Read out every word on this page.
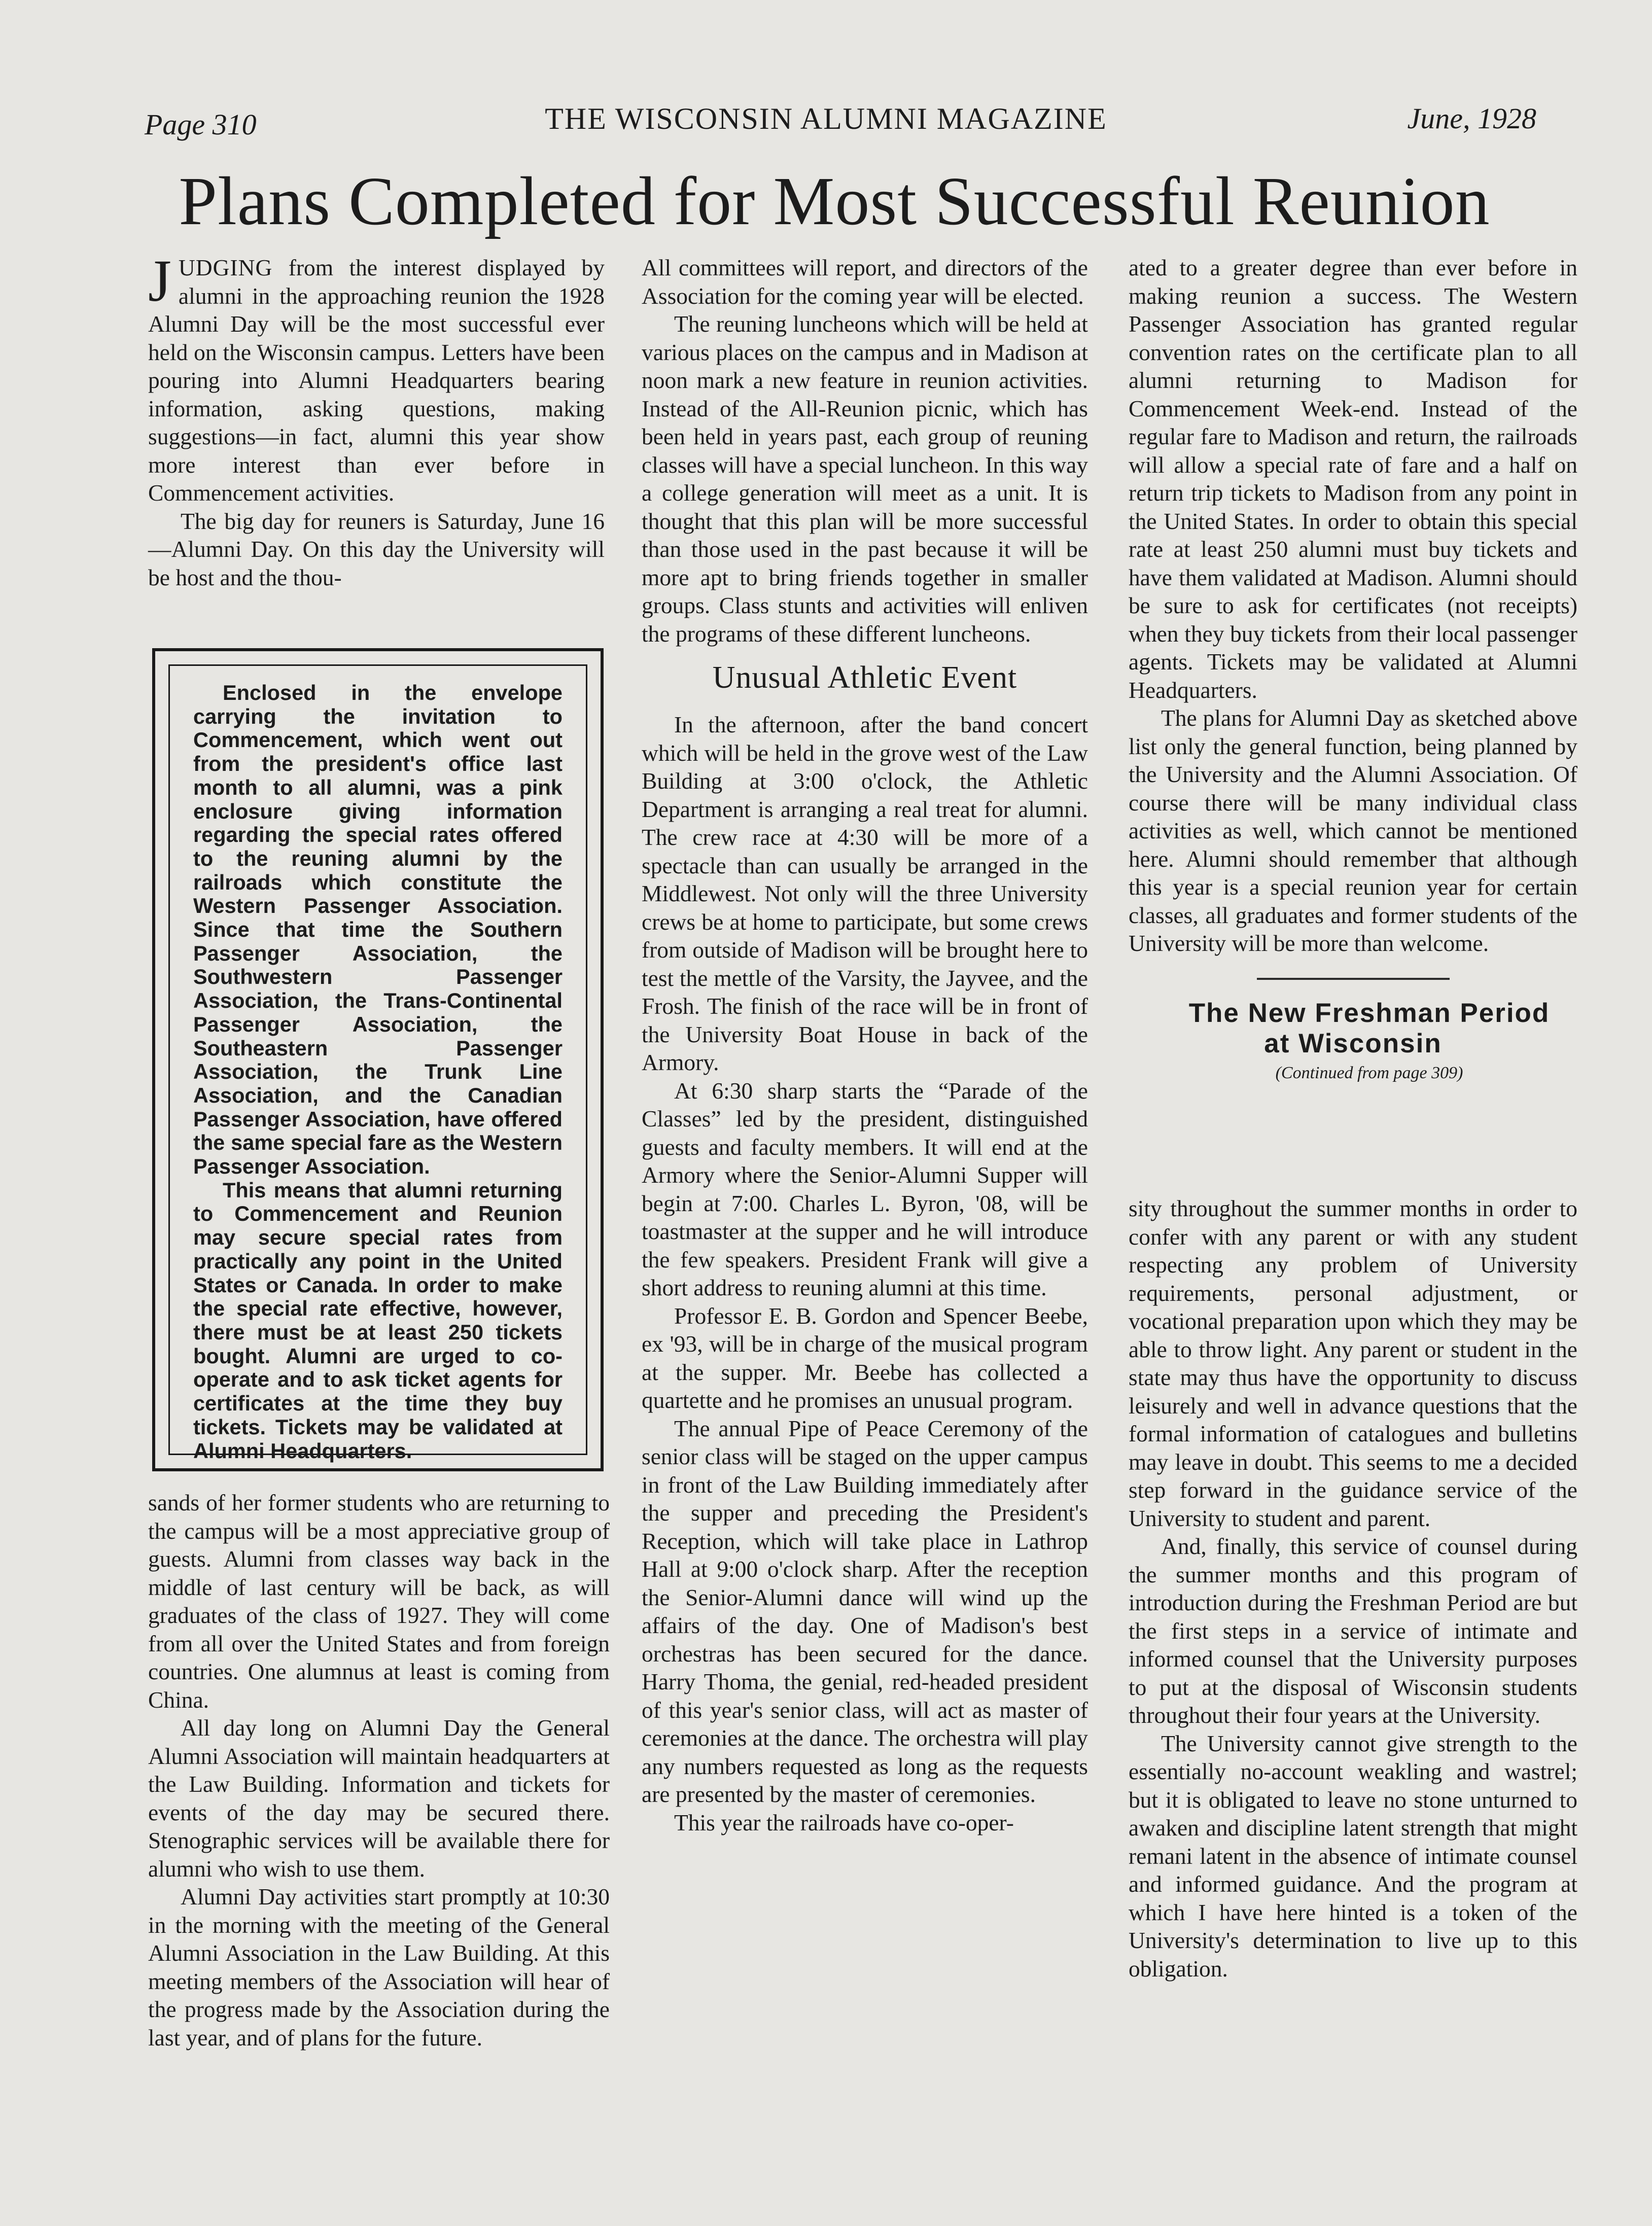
Page 310	THE WISCONSIN ALUMNI MAGAZINE	June, 1928
Plans Completed for Most Successful Reunion

JUDGING from the interest displayed by alumni in the approaching reunion the 1928 Alumni Day will be the most successful ever held on the Wisconsin campus. Letters have been pouring into Alumni Headquarters bearing information, asking questions, making suggestions—in fact, alumni this year show more interest than ever before in Commencement activities.

The big day for reuners is Saturday, June 16—Alumni Day. On this day the University will be host and the thou-

Enclosed in the envelope carrying the invitation to Commencement, which went out from the president's office last month to all alumni, was a pink enclosure giving information regarding the special rates offered to the reuning alumni by the railroads which constitute the Western Passenger Association. Since that time the Southern Passenger Association, the Southwestern Passenger Association, the Trans-Continental Passenger Association, the Southeastern Passenger Association, the Trunk Line Association, and the Canadian Passenger Association, have offered the same special fare as the Western Passenger Association.

This means that alumni returning to Commencement and Reunion may secure special rates from practically any point in the United States or Canada. In order to make the special rate effective, however, there must be at least 250 tickets bought. Alumni are urged to co-operate and to ask ticket agents for certificates at the time they buy tickets. Tickets may be validated at Alumni Headquarters.

sands of her former students who are returning to the campus will be a most appreciative group of guests. Alumni from classes way back in the middle of last century will be back, as will graduates of the class of 1927. They will come from all over the United States and from foreign countries. One alumnus at least is coming from China.

All day long on Alumni Day the General Alumni Association will maintain headquarters at the Law Building. Information and tickets for events of the day may be secured there. Stenographic services will be available there for alumni who wish to use them.

Alumni Day activities start promptly at 10:30 in the morning with the meeting of the General Alumni Association in the Law Building. At this meeting members of the Association will hear of the progress made by the Association during the last year, and of plans for the future.

All committees will report, and directors of the Association for the coming year will be elected.

The reuning luncheons which will be held at various places on the campus and in Madison at noon mark a new feature in reunion activities. Instead of the All-Reunion picnic, which has been held in years past, each group of reuning classes will have a special luncheon. In this way a college generation will meet as a unit. It is thought that this plan will be more successful than those used in the past because it will be more apt to bring friends together in smaller groups. Class stunts and activities will enliven the programs of these different luncheons.

Unusual Athletic Event

In the afternoon, after the band concert which will be held in the grove west of the Law Building at 3:00 o'clock, the Athletic Department is arranging a real treat for alumni. The crew race at 4:30 will be more of a spectacle than can usually be arranged in the Middlewest. Not only will the three University crews be at home to participate, but some crews from outside of Madison will be brought here to test the mettle of the Varsity, the Jayvee, and the Frosh. The finish of the race will be in front of the University Boat House in back of the Armory.

At 6:30 sharp starts the “Parade of the Classes” led by the president, distinguished guests and faculty members. It will end at the Armory where the Senior-Alumni Supper will begin at 7:00. Charles L. Byron, '08, will be toastmaster at the supper and he will introduce the few speakers. President Frank will give a short address to reuning alumni at this time.

Professor E. B. Gordon and Spencer Beebe, ex '93, will be in charge of the musical program at the supper. Mr. Beebe has collected a quartette and he promises an unusual program.

The annual Pipe of Peace Ceremony of the senior class will be staged on the upper campus in front of the Law Building immediately after the supper and preceding the President's Reception, which will take place in Lathrop Hall at 9:00 o'clock sharp. After the reception the Senior-Alumni dance will wind up the affairs of the day. One of Madison's best orchestras has been secured for the dance. Harry Thoma, the genial, red-headed president of this year's senior class, will act as master of ceremonies at the dance. The orchestra will play any numbers requested as long as the requests are presented by the master of ceremonies.

This year the railroads have co-oper-

ated to a greater degree than ever before in making reunion a success. The Western Passenger Association has granted regular convention rates on the certificate plan to all alumni returning to Madison for Commencement Week-end. Instead of the regular fare to Madison and return, the railroads will allow a special rate of fare and a half on return trip tickets to Madison from any point in the United States. In order to obtain this special rate at least 250 alumni must buy tickets and have them validated at Madison. Alumni should be sure to ask for certificates (not receipts) when they buy tickets from their local passenger agents. Tickets may be validated at Alumni Headquarters.

The plans for Alumni Day as sketched above list only the general function, being planned by the University and the Alumni Association. Of course there will be many individual class activities as well, which cannot be mentioned here. Alumni should remember that although this year is a special reunion year for certain classes, all graduates and former students of the University will be more than welcome.

The New Freshman Period
at Wisconsin

(Continued from page 309)

sity throughout the summer months in order to confer with any parent or with any student respecting any problem of University requirements, personal adjustment, or vocational preparation upon which they may be able to throw light. Any parent or student in the state may thus have the opportunity to discuss leisurely and well in advance questions that the formal information of catalogues and bulletins may leave in doubt. This seems to me a decided step forward in the guidance service of the University to student and parent.

And, finally, this service of counsel during the summer months and this program of introduction during the Freshman Period are but the first steps in a service of intimate and informed counsel that the University purposes to put at the disposal of Wisconsin students throughout their four years at the University.

The University cannot give strength to the essentially no-account weakling and wastrel; but it is obligated to leave no stone unturned to awaken and discipline latent strength that might remani latent in the absence of intimate counsel and informed guidance. And the program at which I have here hinted is a token of the University's determination to live up to this obligation.
